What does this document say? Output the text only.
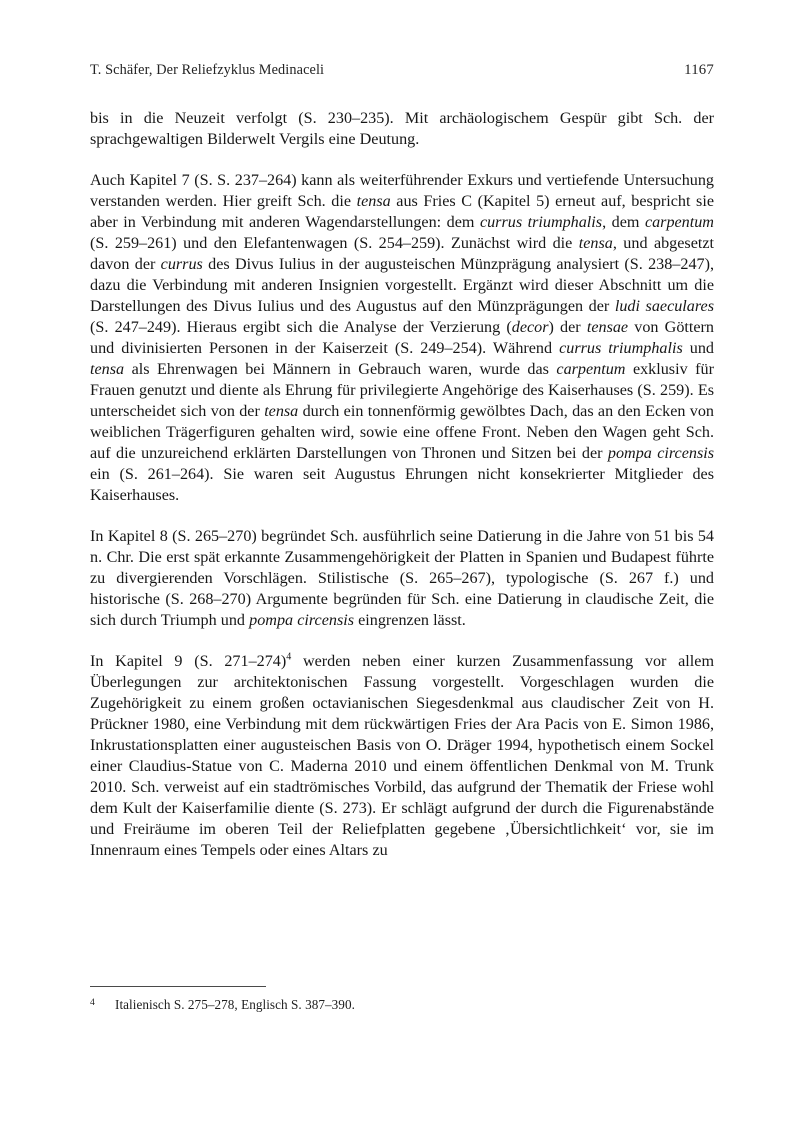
T. Schäfer, Der Reliefzyklus Medinaceli	1167

bis in die Neuzeit verfolgt (S. 230–235). Mit archäologischem Gespür gibt Sch. der sprachgewaltigen Bilderwelt Vergils eine Deutung.

Auch Kapitel 7 (S. S. 237–264) kann als weiterführender Exkurs und vertiefende Untersuchung verstanden werden. Hier greift Sch. die tensa aus Fries C (Kapitel 5) erneut auf, bespricht sie aber in Verbindung mit anderen Wagendarstellungen: dem currus triumphalis, dem carpentum (S. 259–261) und den Elefantenwagen (S. 254–259). Zunächst wird die tensa, und abgesetzt davon der currus des Divus Iulius in der augusteischen Münzprägung analysiert (S. 238–247), dazu die Verbindung mit anderen Insignien vorgestellt. Ergänzt wird dieser Abschnitt um die Darstellungen des Divus Iulius und des Augustus auf den Münzprägungen der ludi saeculares (S. 247–249). Hieraus ergibt sich die Analyse der Verzierung (decor) der tensae von Göttern und divinisierten Personen in der Kaiserzeit (S. 249–254). Während currus triumphalis und tensa als Ehrenwagen bei Männern in Gebrauch waren, wurde das carpentum exklusiv für Frauen genutzt und diente als Ehrung für privilegierte Angehörige des Kaiserhauses (S. 259). Es unterscheidet sich von der tensa durch ein tonnenförmig gewölbtes Dach, das an den Ecken von weiblichen Trägerfiguren gehalten wird, sowie eine offene Front. Neben den Wagen geht Sch. auf die unzureichend erklärten Darstellungen von Thronen und Sitzen bei der pompa circensis ein (S. 261–264). Sie waren seit Augustus Ehrungen nicht konsekrierter Mitglieder des Kaiserhauses.

In Kapitel 8 (S. 265–270) begründet Sch. ausführlich seine Datierung in die Jahre von 51 bis 54 n. Chr. Die erst spät erkannte Zusammengehörigkeit der Platten in Spanien und Budapest führte zu divergierenden Vorschlägen. Stilistische (S. 265–267), typologische (S. 267 f.) und historische (S. 268–270) Argumente begründen für Sch. eine Datierung in claudische Zeit, die sich durch Triumph und pompa circensis eingrenzen lässt.

In Kapitel 9 (S. 271–274)$^4$ werden neben einer kurzen Zusammenfassung vor allem Überlegungen zur architektonischen Fassung vorgestellt. Vorgeschlagen wurden die Zugehörigkeit zu einem großen octavianischen Siegesdenkmal aus claudischer Zeit von H. Prückner 1980, eine Verbindung mit dem rückwärtigen Fries der Ara Pacis von E. Simon 1986, Inkrustationsplatten einer augusteischen Basis von O. Dräger 1994, hypothetisch einem Sockel einer Claudius-Statue von C. Maderna 2010 und einem öffentlichen Denkmal von M. Trunk 2010. Sch. verweist auf ein stadtrömisches Vorbild, das aufgrund der Thematik der Friese wohl dem Kult der Kaiserfamilie diente (S. 273). Er schlägt aufgrund der durch die Figurenabstände und Freiräume im oberen Teil der Reliefplatten gegebene ‚Übersichtlichkeit‘ vor, sie im Innenraum eines Tempels oder eines Altars zu

4	Italienisch S. 275–278, Englisch S. 387–390.
